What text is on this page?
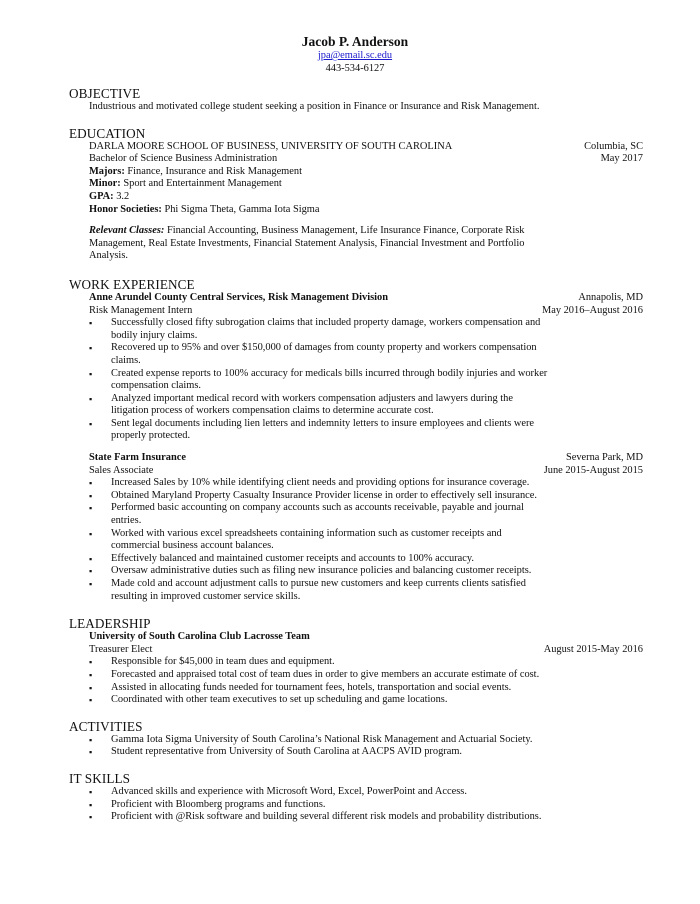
Jacob P. Anderson
jpa@email.sc.edu
443-534-6127
OBJECTIVE
Industrious and motivated college student seeking a position in Finance or Insurance and Risk Management.
EDUCATION
DARLA MOORE SCHOOL OF BUSINESS, UNIVERSITY OF SOUTH CAROLINA	Columbia, SC
Bachelor of Science Business Administration	May 2017
Majors: Finance, Insurance and Risk Management
Minor: Sport and Entertainment Management
GPA: 3.2
Honor Societies: Phi Sigma Theta, Gamma Iota Sigma
Relevant Classes: Financial Accounting, Business Management, Life Insurance Finance, Corporate Risk
Management, Real Estate Investments, Financial Statement Analysis, Financial Investment and Portfolio
Analysis.
WORK EXPERIENCE
Anne Arundel County Central Services, Risk Management Division	Annapolis, MD
Risk Management Intern	May 2016–August 2016
▪ Successfully closed fifty subrogation claims that included property damage, workers compensation and
bodily injury claims.
▪ Recovered up to 95% and over $150,000 of damages from county property and workers compensation
claims.
▪ Created expense reports to 100% accuracy for medicals bills incurred through bodily injuries and worker
compensation claims.
▪ Analyzed important medical record with workers compensation adjusters and lawyers during the
litigation process of workers compensation claims to determine accurate cost.
▪ Sent legal documents including lien letters and indemnity letters to insure employees and clients were
properly protected.
State Farm Insurance	Severna Park, MD
Sales Associate	June 2015-August 2015
▪ Increased Sales by 10% while identifying client needs and providing options for insurance coverage.
▪ Obtained Maryland Property Casualty Insurance Provider license in order to effectively sell insurance.
▪ Performed basic accounting on company accounts such as accounts receivable, payable and journal
entries.
▪ Worked with various excel spreadsheets containing information such as customer receipts and
commercial business account balances.
▪ Effectively balanced and maintained customer receipts and accounts to 100% accuracy.
▪ Oversaw administrative duties such as filing new insurance policies and balancing customer receipts.
▪ Made cold and account adjustment calls to pursue new customers and keep currents clients satisfied
resulting in improved customer service skills.
LEADERSHIP
University of South Carolina Club Lacrosse Team
Treasurer Elect	August 2015-May 2016
▪ Responsible for $45,000 in team dues and equipment.
▪ Forecasted and appraised total cost of team dues in order to give members an accurate estimate of cost.
▪ Assisted in allocating funds needed for tournament fees, hotels, transportation and social events.
▪ Coordinated with other team executives to set up scheduling and game locations.
ACTIVITIES
▪ Gamma Iota Sigma University of South Carolina’s National Risk Management and Actuarial Society.
▪ Student representative from University of South Carolina at AACPS AVID program.
IT SKILLS
▪ Advanced skills and experience with Microsoft Word, Excel, PowerPoint and Access.
▪ Proficient with Bloomberg programs and functions.
▪ Proficient with @Risk software and building several different risk models and probability distributions.
